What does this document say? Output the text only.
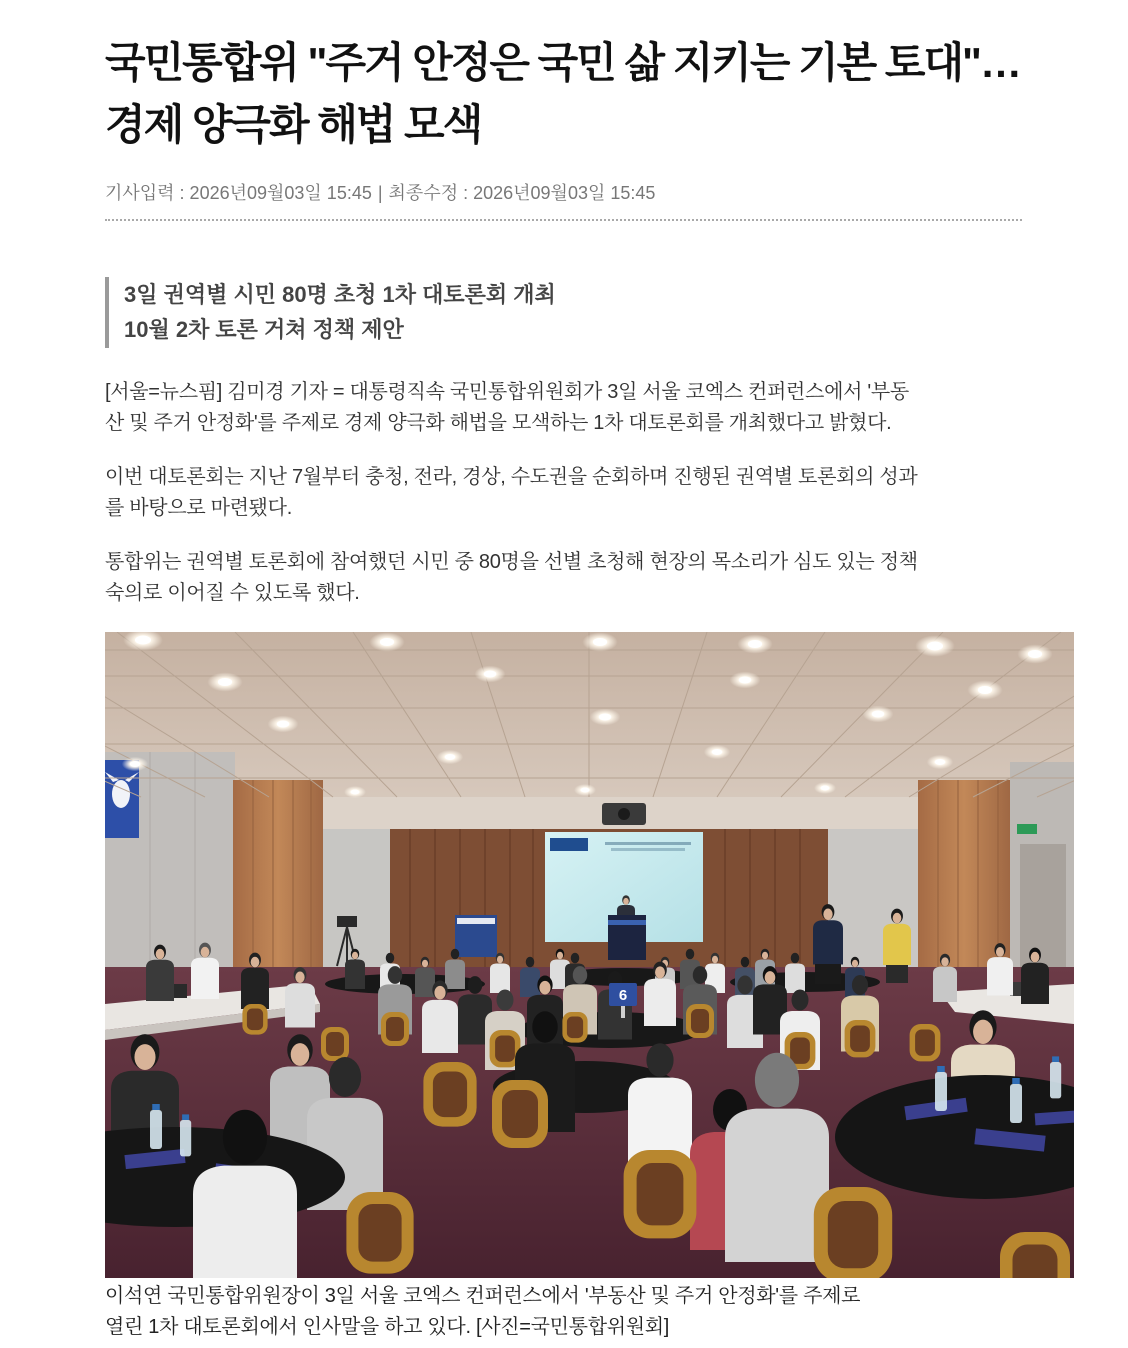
국민통합위 "주거 안정은 국민 삶 지키는 기본 토대"…
경제 양극화 해법 모색
기사입력 : 2026년09월03일 15:45 | 최종수정 : 2026년09월03일 15:45
3일 권역별 시민 80명 초청 1차 대토론회 개최
10월 2차 토론 거쳐 정책 제안
[서울=뉴스핌] 김미경 기자 = 대통령직속 국민통합위원회가 3일 서울 코엑스 컨퍼런스에서 '부동
산 및 주거 안정화'를 주제로 경제 양극화 해법을 모색하는 1차 대토론회를 개최했다고 밝혔다.
이번 대토론회는 지난 7월부터 충청, 전라, 경상, 수도권을 순회하며 진행된 권역별 토론회의 성과
를 바탕으로 마련됐다.
통합위는 권역별 토론회에 참여했던 시민 중 80명을 선별 초청해 현장의 목소리가 심도 있는 정책
숙의로 이어질 수 있도록 했다.
6
이석연 국민통합위원장이 3일 서울 코엑스 컨퍼런스에서 '부동산 및 주거 안정화'를 주제로
열린 1차 대토론회에서 인사말을 하고 있다. [사진=국민통합위원회]
